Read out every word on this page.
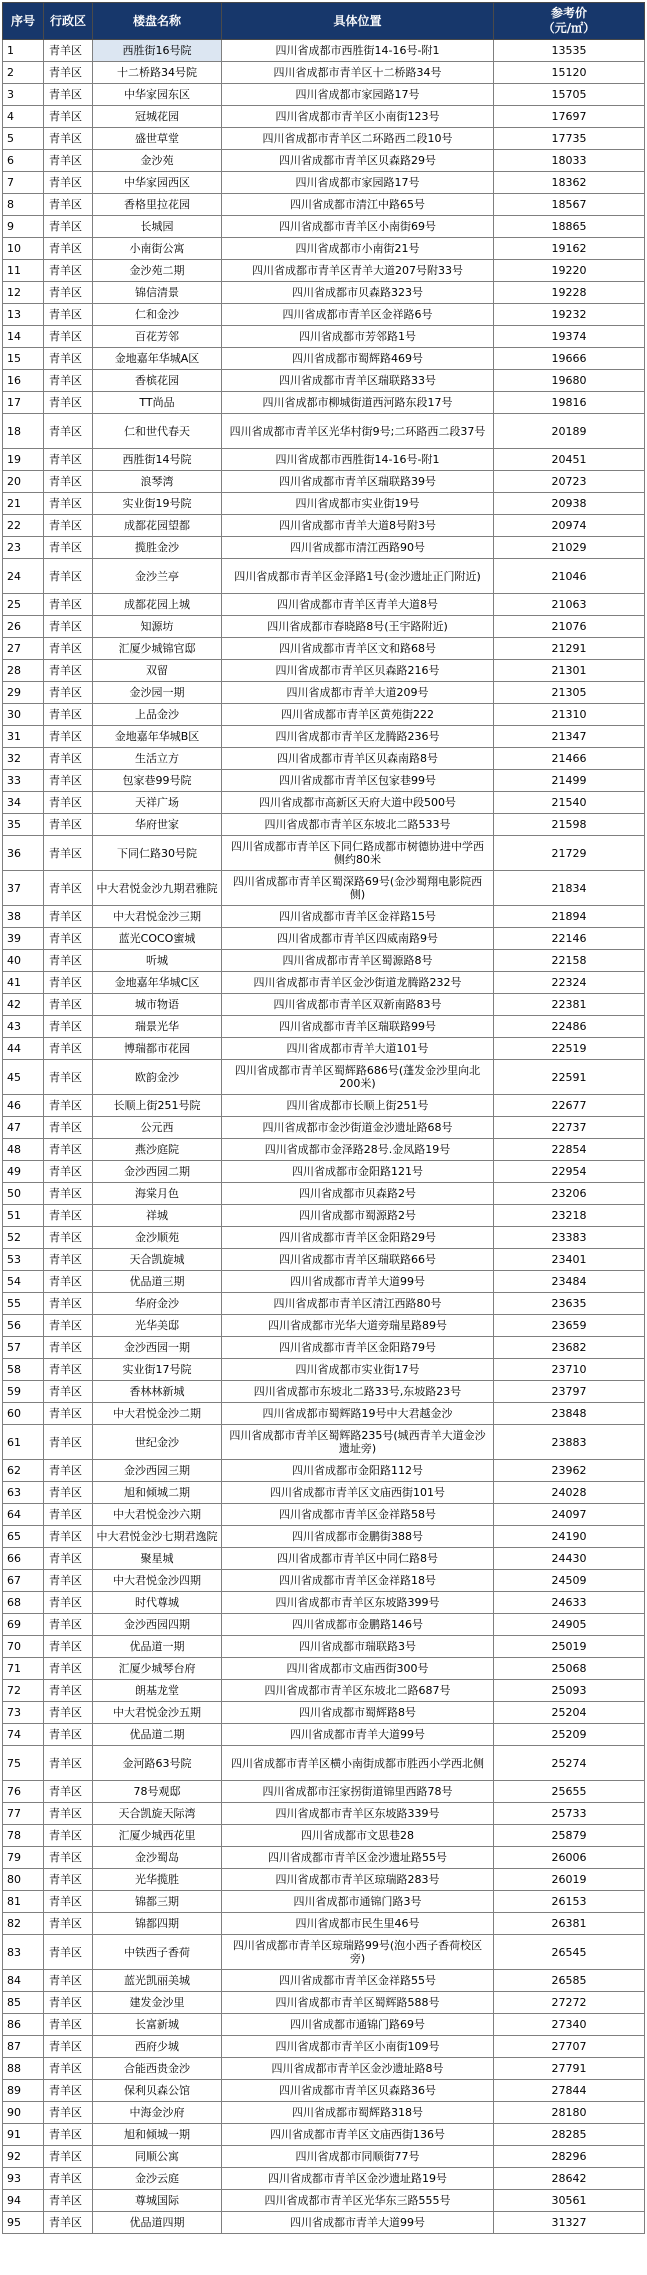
序号	行政区	楼盘名称	具体位置	参考价
（元/㎡）
1	青羊区	西胜街16号院	四川省成都市西胜街14-16号-附1	13535
2	青羊区	十二桥路34号院	四川省成都市青羊区十二桥路34号	15120
3	青羊区	中华家园东区	四川省成都市家园路17号	15705
4	青羊区	冠城花园	四川省成都市青羊区小南街123号	17697
5	青羊区	盛世草堂	四川省成都市青羊区二环路西二段10号	17735
6	青羊区	金沙苑	四川省成都市青羊区贝森路29号	18033
7	青羊区	中华家园西区	四川省成都市家园路17号	18362
8	青羊区	香格里拉花园	四川省成都市清江中路65号	18567
9	青羊区	长城园	四川省成都市青羊区小南街69号	18865
10	青羊区	小南街公寓	四川省成都市小南街21号	19162
11	青羊区	金沙苑二期	四川省成都市青羊区青羊大道207号附33号	19220
12	青羊区	锦信清景	四川省成都市贝森路323号	19228
13	青羊区	仁和金沙	四川省成都市青羊区金祥路6号	19232
14	青羊区	百花芳邻	四川省成都市芳邻路1号	19374
15	青羊区	金地嘉年华城A区	四川省成都市蜀辉路469号	19666
16	青羊区	香槟花园	四川省成都市青羊区瑞联路33号	19680
17	青羊区	TT尚品	四川省成都市柳城街道西河路东段17号	19816
18	青羊区	仁和世代春天	四川省成都市青羊区光华村街9号;二环路西二段37号	20189
19	青羊区	西胜街14号院	四川省成都市西胜街14-16号-附1	20451
20	青羊区	浪琴湾	四川省成都市青羊区瑞联路39号	20723
21	青羊区	实业街19号院	四川省成都市实业街19号	20938
22	青羊区	成都花园望都	四川省成都市青羊大道8号附3号	20974
23	青羊区	揽胜金沙	四川省成都市清江西路90号	21029
24	青羊区	金沙兰亭	四川省成都市青羊区金泽路1号(金沙遗址正门附近)	21046
25	青羊区	成都花园上城	四川省成都市青羊区青羊大道8号	21063
26	青羊区	知源坊	四川省成都市春晓路8号(王宇路附近)	21076
27	青羊区	汇厦少城锦官邸	四川省成都市青羊区文和路68号	21291
28	青羊区	双留	四川省成都市青羊区贝森路216号	21301
29	青羊区	金沙园一期	四川省成都市青羊大道209号	21305
30	青羊区	上品金沙	四川省成都市青羊区黄苑街222	21310
31	青羊区	金地嘉年华城B区	四川省成都市青羊区龙腾路236号	21347
32	青羊区	生活立方	四川省成都市青羊区贝森南路8号	21466
33	青羊区	包家巷99号院	四川省成都市青羊区包家巷99号	21499
34	青羊区	天祥广场	四川省成都市高新区天府大道中段500号	21540
35	青羊区	华府世家	四川省成都市青羊区东坡北二路533号	21598
36	青羊区	下同仁路30号院	四川省成都市青羊区下同仁路成都市树德协进中学西侧约80米	21729
37	青羊区	中大君悦金沙九期君雅院	四川省成都市青羊区蜀深路69号(金沙蜀翔电影院西侧)	21834
38	青羊区	中大君悦金沙三期	四川省成都市青羊区金祥路15号	21894
39	青羊区	蓝光COCO蜜城	四川省成都市青羊区四威南路9号	22146
40	青羊区	听城	四川省成都市青羊区蜀源路8号	22158
41	青羊区	金地嘉年华城C区	四川省成都市青羊区金沙街道龙腾路232号	22324
42	青羊区	城市物语	四川省成都市青羊区双新南路83号	22381
43	青羊区	瑞景光华	四川省成都市青羊区瑞联路99号	22486
44	青羊区	博瑞都市花园	四川省成都市青羊大道101号	22519
45	青羊区	欧韵金沙	四川省成都市青羊区蜀辉路686号(蓬发金沙里向北200米)	22591
46	青羊区	长顺上街251号院	四川省成都市长顺上街251号	22677
47	青羊区	公元西	四川省成都市金沙街道金沙遗址路68号	22737
48	青羊区	燕沙庭院	四川省成都市金泽路28号.金凤路19号	22854
49	青羊区	金沙西园二期	四川省成都市金阳路121号	22954
50	青羊区	海棠月色	四川省成都市贝森路2号	23206
51	青羊区	祥城	四川省成都市蜀源路2号	23218
52	青羊区	金沙顺苑	四川省成都市青羊区金阳路29号	23383
53	青羊区	天合凯旋城	四川省成都市青羊区瑞联路66号	23401
54	青羊区	优品道三期	四川省成都市青羊大道99号	23484
55	青羊区	华府金沙	四川省成都市青羊区清江西路80号	23635
56	青羊区	光华美邸	四川省成都市光华大道旁瑞星路89号	23659
57	青羊区	金沙西园一期	四川省成都市青羊区金阳路79号	23682
58	青羊区	实业街17号院	四川省成都市实业街17号	23710
59	青羊区	香林林新城	四川省成都市东坡北二路33号,东坡路23号	23797
60	青羊区	中大君悦金沙二期	四川省成都市蜀辉路19号中大君越金沙	23848
61	青羊区	世纪金沙	四川省成都市青羊区蜀辉路235号(城西青羊大道金沙遗址旁)	23883
62	青羊区	金沙西园三期	四川省成都市金阳路112号	23962
63	青羊区	旭和倾城二期	四川省成都市青羊区文庙西街101号	24028
64	青羊区	中大君悦金沙六期	四川省成都市青羊区金祥路58号	24097
65	青羊区	中大君悦金沙七期君逸院	四川省成都市金鹏街388号	24190
66	青羊区	聚星城	四川省成都市青羊区中同仁路8号	24430
67	青羊区	中大君悦金沙四期	四川省成都市青羊区金祥路18号	24509
68	青羊区	时代尊城	四川省成都市青羊区东坡路399号	24633
69	青羊区	金沙西园四期	四川省成都市金鹏路146号	24905
70	青羊区	优品道一期	四川省成都市瑞联路3号	25019
71	青羊区	汇厦少城琴台府	四川省成都市文庙西街300号	25068
72	青羊区	朗基龙堂	四川省成都市青羊区东坡北二路687号	25093
73	青羊区	中大君悦金沙五期	四川省成都市蜀辉路8号	25204
74	青羊区	优品道二期	四川省成都市青羊大道99号	25209
75	青羊区	金河路63号院	四川省成都市青羊区横小南街成都市胜西小学西北侧	25274
76	青羊区	78号观邸	四川省成都市汪家拐街道锦里西路78号	25655
77	青羊区	天合凯旋天际湾	四川省成都市青羊区东坡路339号	25733
78	青羊区	汇厦少城西花里	四川省成都市文思巷28	25879
79	青羊区	金沙蜀岛	四川省成都市青羊区金沙遗址路55号	26006
80	青羊区	光华揽胜	四川省成都市青羊区琼瑞路283号	26019
81	青羊区	锦都三期	四川省成都市通锦门路3号	26153
82	青羊区	锦都四期	四川省成都市民生里46号	26381
83	青羊区	中铁西子香荷	四川省成都市青羊区琼瑞路99号(泡小西子香荷校区旁)	26545
84	青羊区	蓝光凯丽美城	四川省成都市青羊区金祥路55号	26585
85	青羊区	建发金沙里	四川省成都市青羊区蜀辉路588号	27272
86	青羊区	长富新城	四川省成都市通锦门路69号	27340
87	青羊区	西府少城	四川省成都市青羊区小南街109号	27707
88	青羊区	合能西贵金沙	四川省成都市青羊区金沙遗址路8号	27791
89	青羊区	保利贝森公馆	四川省成都市青羊区贝森路36号	27844
90	青羊区	中海金沙府	四川省成都市蜀辉路318号	28180
91	青羊区	旭和倾城一期	四川省成都市青羊区文庙西街136号	28285
92	青羊区	同顺公寓	四川省成都市同顺街77号	28296
93	青羊区	金沙云庭	四川省成都市青羊区金沙遗址路19号	28642
94	青羊区	尊城国际	四川省成都市青羊区光华东三路555号	30561
95	青羊区	优品道四期	四川省成都市青羊大道99号	31327
